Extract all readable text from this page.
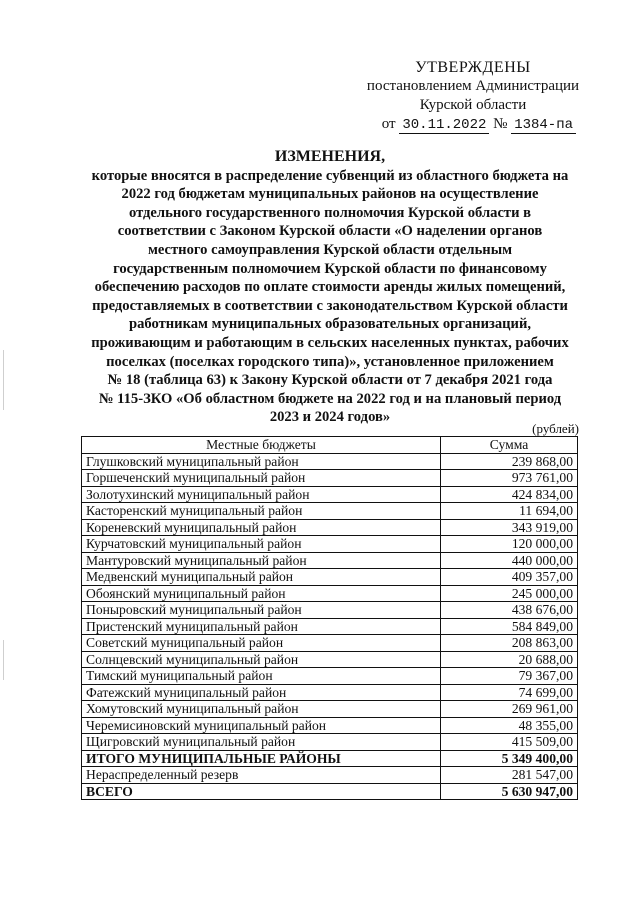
УТВЕРЖДЕНЫ
постановлением Администрации
Курской области
от 30.11.2022 № 1384-па
ИЗМЕНЕНИЯ,
которые вносятся в распределение субвенций из областного бюджета на
2022 год бюджетам муниципальных районов на осуществление
отдельного государственного полномочия Курской области в
соответствии с Законом Курской области «О наделении органов
местного самоуправления Курской области отдельным
государственным полномочием Курской области по финансовому
обеспечению расходов по оплате стоимости аренды жилых помещений,
предоставляемых в соответствии с законодательством Курской области
работникам муниципальных образовательных организаций,
проживающим и работающим в сельских населенных пунктах, рабочих
поселках (поселках городского типа)», установленное приложением
№ 18 (таблица 63) к Закону Курской области от 7 декабря 2021 года
№ 115-ЗКО «Об областном бюджете на 2022 год и на плановый период
2023 и 2024 годов»
(рублей)
Местные бюджеты	Сумма
Глушковский муниципальный район	239 868,00
Горшеченский муниципальный район	973 761,00
Золотухинский муниципальный район	424 834,00
Касторенский муниципальный район	11 694,00
Кореневский муниципальный район	343 919,00
Курчатовский муниципальный район	120 000,00
Мантуровский муниципальный район	440 000,00
Медвенский муниципальный район	409 357,00
Обоянский муниципальный район	245 000,00
Поныровский муниципальный район	438 676,00
Пристенский муниципальный район	584 849,00
Советский муниципальный район	208 863,00
Солнцевский муниципальный район	20 688,00
Тимский муниципальный район	79 367,00
Фатежский муниципальный район	74 699,00
Хомутовский муниципальный район	269 961,00
Черемисиновский муниципальный район	48 355,00
Щигровский муниципальный район	415 509,00
ИТОГО МУНИЦИПАЛЬНЫЕ РАЙОНЫ	5 349 400,00
Нераспределенный резерв	281 547,00
ВСЕГО	5 630 947,00
